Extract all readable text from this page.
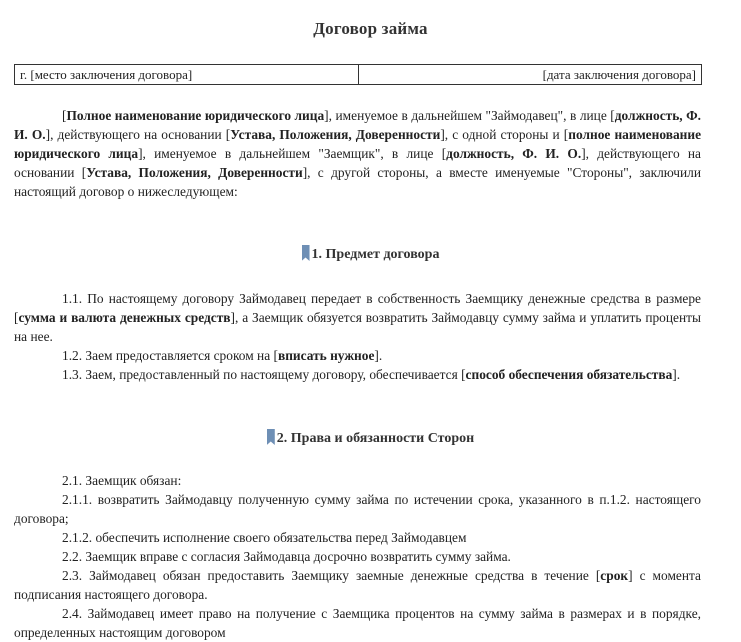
Договор займа
г. [место заключения договора]	[дата заключения договора]
[Полное наименование юридического лица], именуемое в дальнейшем "Займодавец", в лице [должность, Ф. И. О.], действующего на основании [Устава, Положения, Доверенности], с одной стороны и [полное наименование юридического лица], именуемое в дальнейшем "Заемщик", в лице [должность, Ф. И. О.], действующего на основании [Устава, Положения, Доверенности], с другой стороны, а вместе именуемые "Стороны", заключили настоящий договор о нижеследующем:
1. Предмет договора
1.1. По настоящему договору Займодавец передает в собственность Заемщику денежные средства в размере [сумма и валюта денежных средств], а Заемщик обязуется возвратить Займодавцу сумму займа и уплатить проценты на нее.
1.2. Заем предоставляется сроком на [вписать нужное].
1.3. Заем, предоставленный по настоящему договору, обеспечивается [способ обеспечения обязательства].
2. Права и обязанности Сторон
2.1. Заемщик обязан:
2.1.1. возвратить Займодавцу полученную сумму займа по истечении срока, указанного в п.1.2. настоящего договора;
2.1.2. обеспечить исполнение своего обязательства перед Займодавцем
2.2. Заемщик вправе с согласия Займодавца досрочно возвратить сумму займа.
2.3. Займодавец обязан предоставить Заемщику заемные денежные средства в течение [срок] с момента подписания настоящего договора.
2.4. Займодавец имеет право на получение с Заемщика процентов на сумму займа в размерах и в порядке, определенных настоящим договором
